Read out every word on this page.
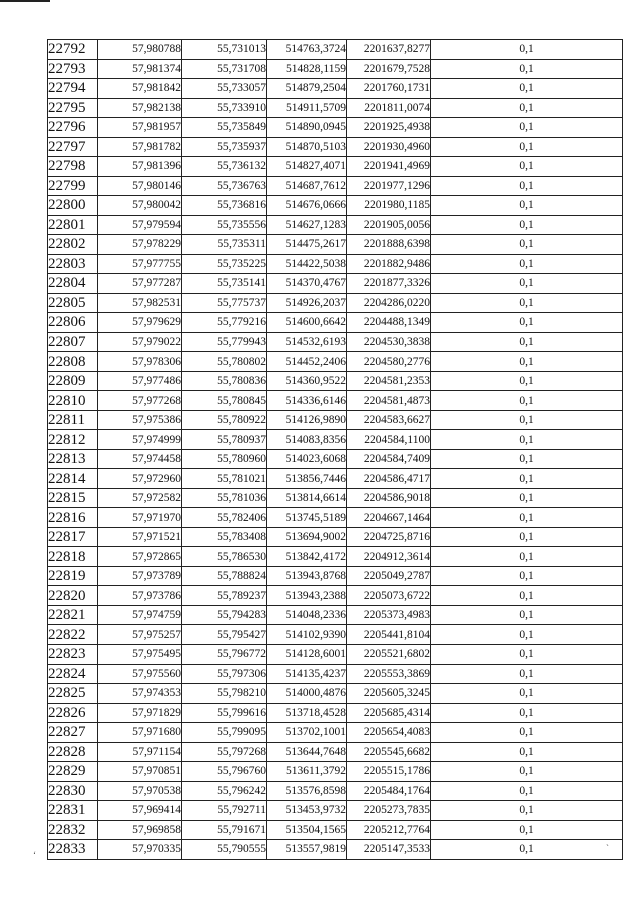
22792	57,980788	55,731013	514763,3724	2201637,8277	0,1
22793	57,981374	55,731708	514828,1159	2201679,7528	0,1
22794	57,981842	55,733057	514879,2504	2201760,1731	0,1
22795	57,982138	55,733910	514911,5709	2201811,0074	0,1
22796	57,981957	55,735849	514890,0945	2201925,4938	0,1
22797	57,981782	55,735937	514870,5103	2201930,4960	0,1
22798	57,981396	55,736132	514827,4071	2201941,4969	0,1
22799	57,980146	55,736763	514687,7612	2201977,1296	0,1
22800	57,980042	55,736816	514676,0666	2201980,1185	0,1
22801	57,979594	55,735556	514627,1283	2201905,0056	0,1
22802	57,978229	55,735311	514475,2617	2201888,6398	0,1
22803	57,977755	55,735225	514422,5038	2201882,9486	0,1
22804	57,977287	55,735141	514370,4767	2201877,3326	0,1
22805	57,982531	55,775737	514926,2037	2204286,0220	0,1
22806	57,979629	55,779216	514600,6642	2204488,1349	0,1
22807	57,979022	55,779943	514532,6193	2204530,3838	0,1
22808	57,978306	55,780802	514452,2406	2204580,2776	0,1
22809	57,977486	55,780836	514360,9522	2204581,2353	0,1
22810	57,977268	55,780845	514336,6146	2204581,4873	0,1
22811	57,975386	55,780922	514126,9890	2204583,6627	0,1
22812	57,974999	55,780937	514083,8356	2204584,1100	0,1
22813	57,974458	55,780960	514023,6068	2204584,7409	0,1
22814	57,972960	55,781021	513856,7446	2204586,4717	0,1
22815	57,972582	55,781036	513814,6614	2204586,9018	0,1
22816	57,971970	55,782406	513745,5189	2204667,1464	0,1
22817	57,971521	55,783408	513694,9002	2204725,8716	0,1
22818	57,972865	55,786530	513842,4172	2204912,3614	0,1
22819	57,973789	55,788824	513943,8768	2205049,2787	0,1
22820	57,973786	55,789237	513943,2388	2205073,6722	0,1
22821	57,974759	55,794283	514048,2336	2205373,4983	0,1
22822	57,975257	55,795427	514102,9390	2205441,8104	0,1
22823	57,975495	55,796772	514128,6001	2205521,6802	0,1
22824	57,975560	55,797306	514135,4237	2205553,3869	0,1
22825	57,974353	55,798210	514000,4876	2205605,3245	0,1
22826	57,971829	55,799616	513718,4528	2205685,4314	0,1
22827	57,971680	55,799095	513702,1001	2205654,4083	0,1
22828	57,971154	55,797268	513644,7648	2205545,6682	0,1
22829	57,970851	55,796760	513611,3792	2205515,1786	0,1
22830	57,970538	55,796242	513576,8598	2205484,1764	0,1
22831	57,969414	55,792711	513453,9732	2205273,7835	0,1
22832	57,969858	55,791671	513504,1565	2205212,7764	0,1
22833	57,970335	55,790555	513557,9819	2205147,3533	0,1
‘
ˋ
